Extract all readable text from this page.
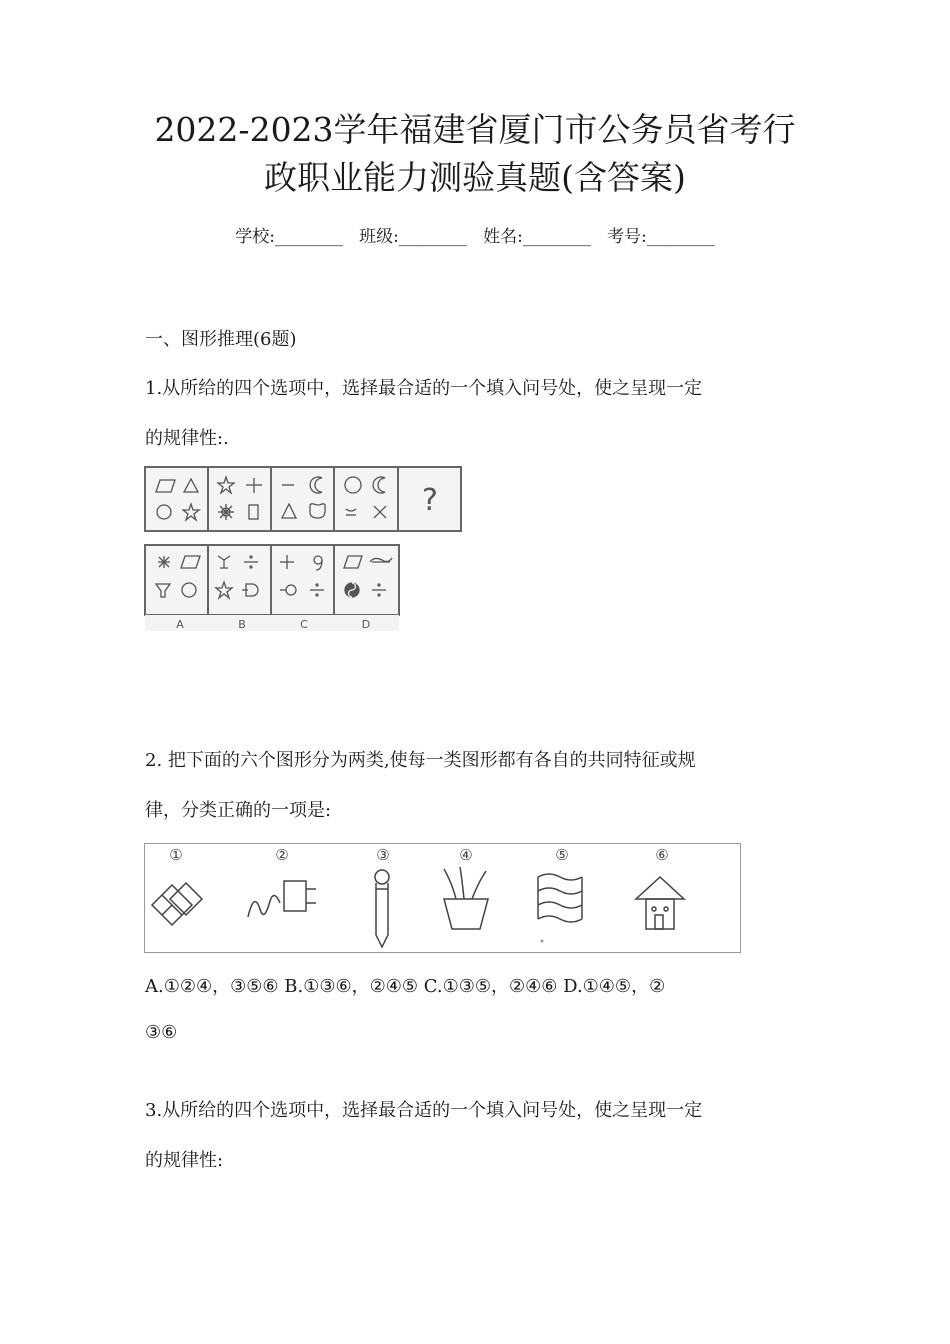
2022-2023学年福建省厦门市公务员省考行
政职业能力测验真题(含答案)
学校:________ 班级:________ 姓名:________ 考号:________
一、图形推理(6题)
1.从所给的四个选项中，选择最合适的一个填入问号处，使之呈现一定
的规律性:.
?
A	B	C	D
2. 把下面的六个图形分为两类,使每一类图形都有各自的共同特征或规
律，分类正确的一项是:
①	②	③	④	⑤	⑥
A.①②④，③⑤⑥ B.①③⑥，②④⑤ C.①③⑤，②④⑥ D.①④⑤，②
③⑥
3.从所给的四个选项中，选择最合适的一个填入问号处，使之呈现一定
的规律性:
